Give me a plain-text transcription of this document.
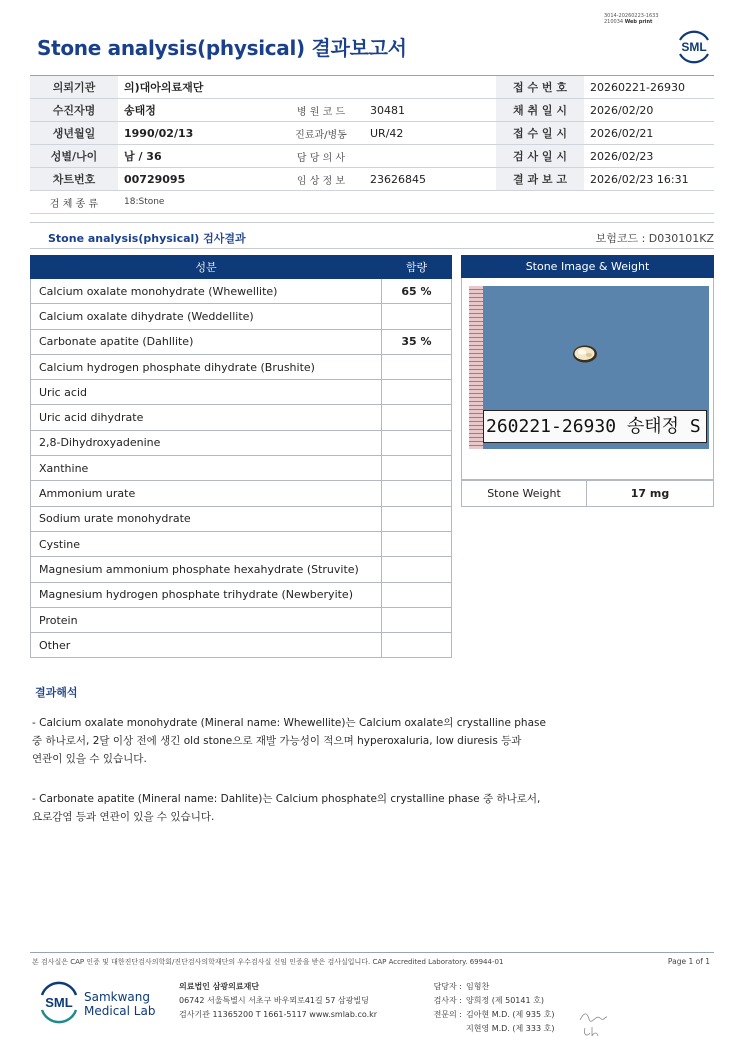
3014-20260223-1633
210034 Web print
Stone analysis(physical) 결과보고서	SML
의뢰기관	의)대아의료재단			접 수 번 호	20260221-26930
수진자명	송태정	병 원 코 드	30481		채 취 일 시	2026/02/20
생년월일	1990/02/13	진료과/병동	UR/42		접 수 일 시	2026/02/21
성별/나이	남 / 36	담 당 의 사			검 사 일 시	2026/02/23
차트번호	00729095	임 상 정 보	23626845		결 과 보 고	2026/02/23 16:31
검 체 종 류	18:Stone				
Stone analysis(physical) 검사결과	보험코드 : D030101KZ
성분	함량
Calcium oxalate monohydrate (Whewellite)	65 %
Calcium oxalate dihydrate (Weddellite)	
Carbonate apatite (Dahllite)	35 %
Calcium hydrogen phosphate dihydrate (Brushite)	
Uric acid	
Uric acid dihydrate	
2,8-Dihydroxyadenine	
Xanthine	
Ammonium urate	
Sodium urate monohydrate	
Cystine	
Magnesium ammonium phosphate hexahydrate (Struvite)	
Magnesium hydrogen phosphate trihydrate (Newberyite)	
Protein	
Other	
Stone Image & Weight
260221-26930 송태정 S
Stone Weight	17 mg
결과해석
- Calcium oxalate monohydrate (Mineral name: Whewellite)는 Calcium oxalate의 crystalline phase
중 하나로서, 2달 이상 전에 생긴 old stone으로 재발 가능성이 적으며 hyperoxaluria, low diuresis 등과
연관이 있을 수 있습니다.
- Carbonate apatite (Mineral name: Dahlite)는 Calcium phosphate의 crystalline phase 중 하나로서,
요로감염 등과 연관이 있을 수 있습니다.
본 검사실은 CAP 인증 및 대한진단검사의학회/진단검사의학재단의 우수검사실 신임 인증을 받은 검사실입니다. CAP Accredited Laboratory. 69944-01	Page 1 of 1
SML Samkwang
Medical Lab
의료법인 삼광의료재단
06742 서울특별시 서초구 바우뫼로41길 57 삼광빌딩
검사기관 11365200 T 1661-5117 www.smlab.co.kr
담당자 : 임형찬
검사자 : 양희정 (제 50141 호)
전문의 : 김아현 M.D. (제 935 호)
지현영 M.D. (제 333 호)
